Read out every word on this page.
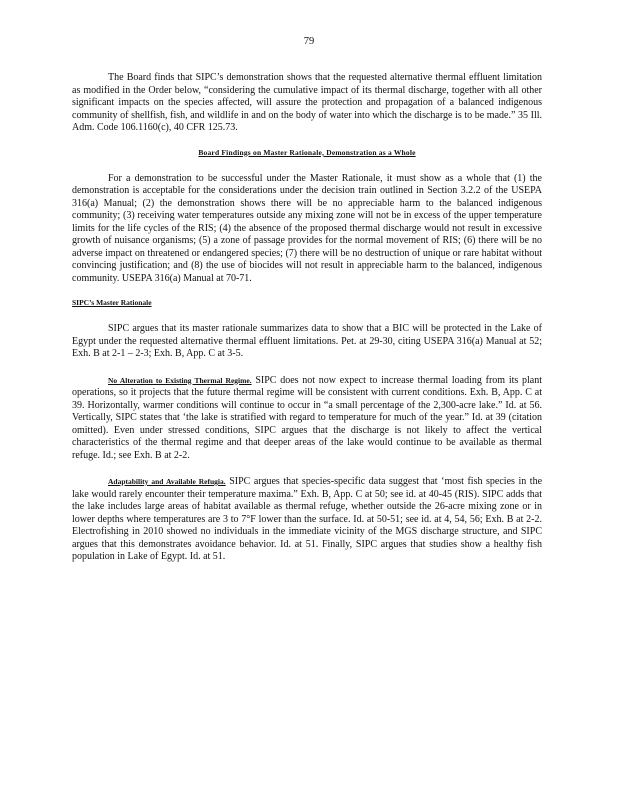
79

The Board finds that SIPC’s demonstration shows that the requested alternative thermal effluent limitation as modified in the Order below, “considering the cumulative impact of its thermal discharge, together with all other significant impacts on the species affected, will assure the protection and propagation of a balanced indigenous community of shellfish, fish, and wildlife in and on the body of water into which the discharge is to be made.” 35 Ill. Adm. Code 106.1160(c), 40 CFR 125.73.

Board Findings on Master Rationale, Demonstration as a Whole

For a demonstration to be successful under the Master Rationale, it must show as a whole that (1) the demonstration is acceptable for the considerations under the decision train outlined in Section 3.2.2 of the USEPA 316(a) Manual; (2) the demonstration shows there will be no appreciable harm to the balanced indigenous community; (3) receiving water temperatures outside any mixing zone will not be in excess of the upper temperature limits for the life cycles of the RIS; (4) the absence of the proposed thermal discharge would not result in excessive growth of nuisance organisms; (5) a zone of passage provides for the normal movement of RIS; (6) there will be no adverse impact on threatened or endangered species; (7) there will be no destruction of unique or rare habitat without convincing justification; and (8) the use of biocides will not result in appreciable harm to the balanced, indigenous community. USEPA 316(a) Manual at 70-71.

SIPC’s Master Rationale

SIPC argues that its master rationale summarizes data to show that a BIC will be protected in the Lake of Egypt under the requested alternative thermal effluent limitations. Pet. at 29-30, citing USEPA 316(a) Manual at 52; Exh. B at 2-1 – 2-3; Exh. B, App. C at 3-5.

No Alteration to Existing Thermal Regime. SIPC does not now expect to increase thermal loading from its plant operations, so it projects that the future thermal regime will be consistent with current conditions. Exh. B, App. C at 39. Horizontally, warmer conditions will continue to occur in “a small percentage of the 2,300-acre lake.” Id. at 56. Vertically, SIPC states that ‘the lake is stratified with regard to temperature for much of the year.” Id. at 39 (citation omitted). Even under stressed conditions, SIPC argues that the discharge is not likely to affect the vertical characteristics of the thermal regime and that deeper areas of the lake would continue to be available as thermal refuge. Id.; see Exh. B at 2-2.

Adaptability and Available Refugia. SIPC argues that species-specific data suggest that ‘most fish species in the lake would rarely encounter their temperature maxima.” Exh. B, App. C at 50; see id. at 40-45 (RIS). SIPC adds that the lake includes large areas of habitat available as thermal refuge, whether outside the 26-acre mixing zone or in lower depths where temperatures are 3 to 7°F lower than the surface. Id. at 50-51; see id. at 4, 54, 56; Exh. B at 2-2. Electrofishing in 2010 showed no individuals in the immediate vicinity of the MGS discharge structure, and SIPC argues that this demonstrates avoidance behavior. Id. at 51. Finally, SIPC argues that studies show a healthy fish population in Lake of Egypt. Id. at 51.
